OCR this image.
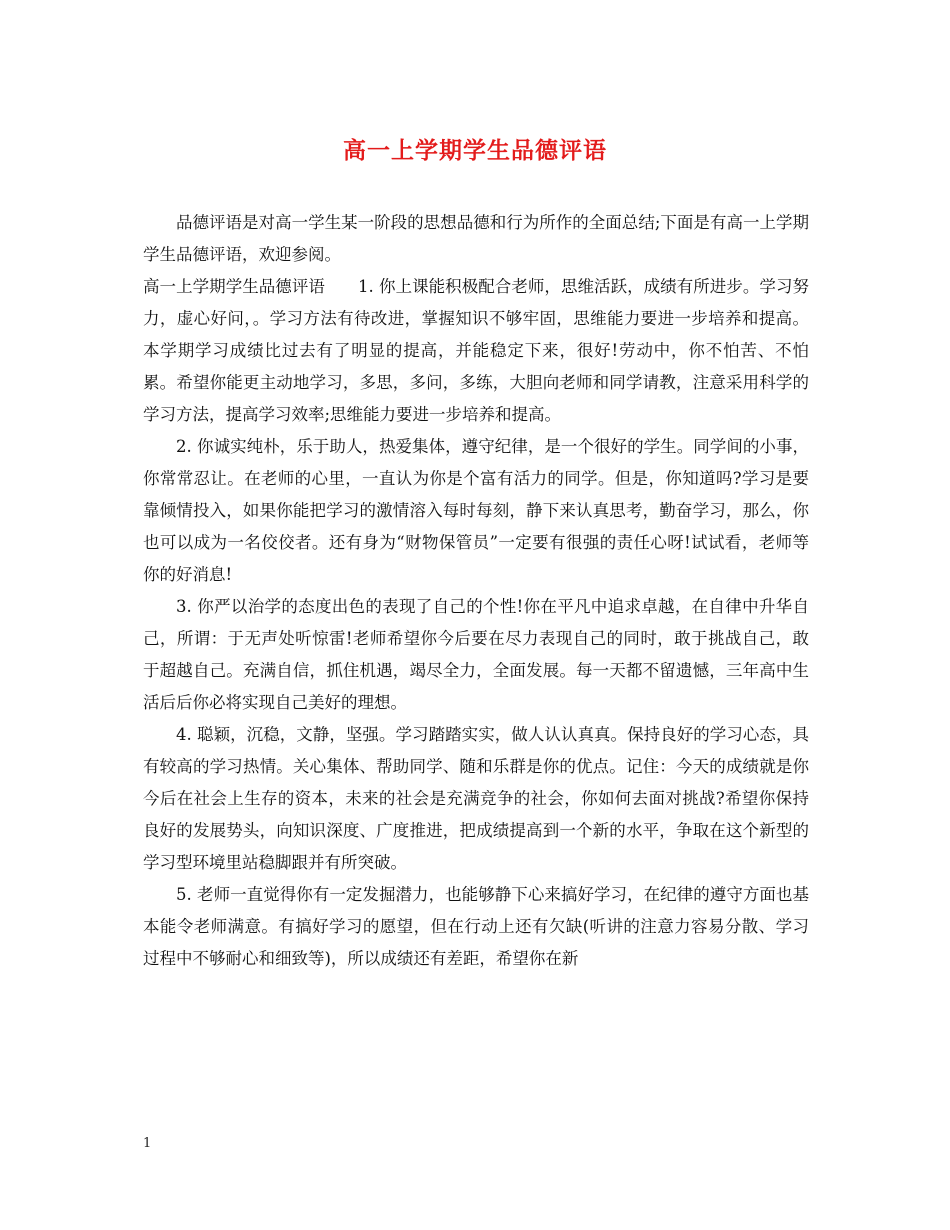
高一上学期学生品德评语

品德评语是对高一学生某一阶段的思想品德和行为所作的全面总结;下面是有高一上学期学生品德评语，欢迎参阅。

高一上学期学生品德评语　　1. 你上课能积极配合老师，思维活跃，成绩有所进步。学习努力，虚心好问，。学习方法有待改进，掌握知识不够牢固，思维能力要进一步培养和提高。本学期学习成绩比过去有了明显的提高，并能稳定下来，很好!劳动中，你不怕苦、不怕累。希望你能更主动地学习，多思，多问，多练，大胆向老师和同学请教，注意采用科学的学习方法，提高学习效率;思维能力要进一步培养和提高。

2. 你诚实纯朴，乐于助人，热爱集体，遵守纪律，是一个很好的学生。同学间的小事，你常常忍让。在老师的心里，一直认为你是个富有活力的同学。但是，你知道吗?学习是要靠倾情投入，如果你能把学习的激情溶入每时每刻，静下来认真思考，勤奋学习，那么，你也可以成为一名佼佼者。还有身为“财物保管员”一定要有很强的责任心呀!试试看，老师等你的好消息!

3. 你严以治学的态度出色的表现了自己的个性!你在平凡中追求卓越，在自律中升华自己，所谓：于无声处听惊雷!老师希望你今后要在尽力表现自己的同时，敢于挑战自己，敢于超越自己。充满自信，抓住机遇，竭尽全力，全面发展。每一天都不留遗憾，三年高中生活后后你必将实现自己美好的理想。

4. 聪颖，沉稳，文静，坚强。学习踏踏实实，做人认认真真。保持良好的学习心态，具有较高的学习热情。关心集体、帮助同学、随和乐群是你的优点。记住：今天的成绩就是你今后在社会上生存的资本，未来的社会是充满竞争的社会，你如何去面对挑战?希望你保持良好的发展势头，向知识深度、广度推进，把成绩提高到一个新的水平，争取在这个新型的学习型环境里站稳脚跟并有所突破。

5. 老师一直觉得你有一定发掘潜力，也能够静下心来搞好学习，在纪律的遵守方面也基本能令老师满意。有搞好学习的愿望，但在行动上还有欠缺(听讲的注意力容易分散、学习过程中不够耐心和细致等)，所以成绩还有差距，希望你在新

1
